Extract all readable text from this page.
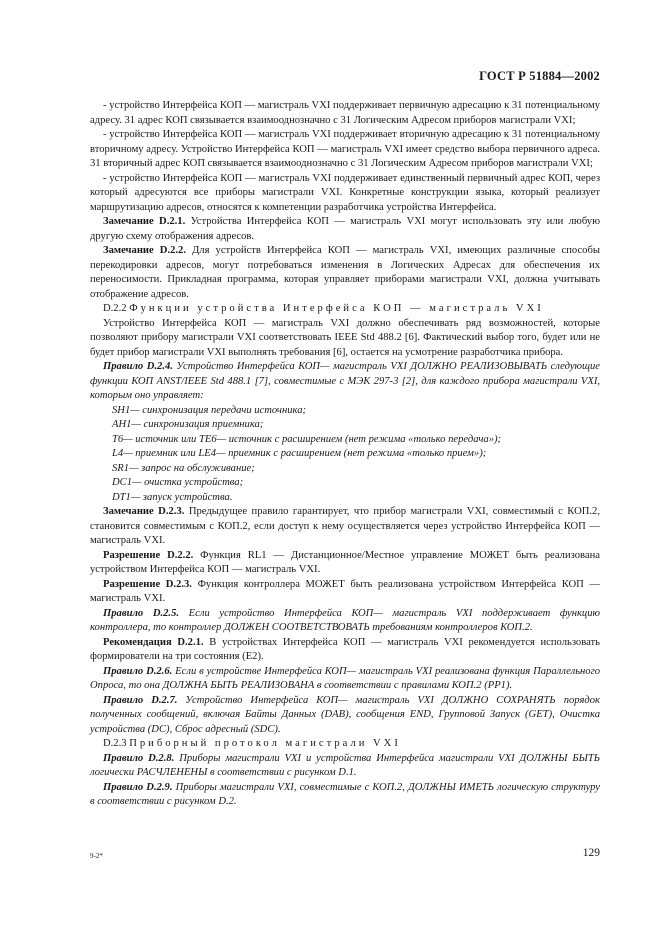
ГОСТ Р 51884—2002

- устройство Интерфейса КОП — магистраль VXI поддерживает первичную адресацию к 31 потенциальному адресу. 31 адрес КОП связывается взаимооднозначно с 31 Логическим Адресом приборов магистрали VXI;

- устройство Интерфейса КОП — магистраль VXI поддерживает вторичную адресацию к 31 потенциальному вторичному адресу. Устройство Интерфейса КОП — магистраль VXI имеет средство выбора первичного адреса. 31 вторичный адрес КОП связывается взаимооднозначно с 31 Логическим Адресом приборов магистрали VXI;

- устройство Интерфейса КОП — магистраль VXI поддерживает единственный первичный адрес КОП, через который адресуются все приборы магистрали VXI. Конкретные конструкции языка, который реализует маршрутизацию адресов, относятся к компетенции разработчика устройства Интерфейса.

Замечание D.2.1. Устройства Интерфейса КОП — магистраль VXI могут использовать эту или любую другую схему отображения адресов.

Замечание D.2.2. Для устройств Интерфейса КОП — магистраль VXI, имеющих различные способы перекодировки адресов, могут потребоваться изменения в Логических Адресах для обеспечения их переносимости. Прикладная программа, которая управляет приборами магистрали VXI, должна учитывать отображение адресов.

D.2.2 Функции устройства Интерфейса КОП — магистраль VXI

Устройство Интерфейса КОП — магистраль VXI должно обеспечивать ряд возможностей, которые позволяют прибору магистрали VXI соответствовать IEEE Std 488.2 [6]. Фактический выбор того, будет или не будет прибор магистрали VXI выполнять требования [6], остается на усмотрение разработчика прибора.

Правило D.2.4. Устройство Интерфейса КОП— магистраль VXI ДОЛЖНО РЕАЛИЗОВЫВАТЬ следующие функции КОП ANST/IEEE Std 488.1 [7], совместимые с МЭК 297-3 [2], для каждого прибора магистрали VXI, которым оно управляет:

SH1— синхронизация передачи источника;

AH1— синхронизация приемника;

T6— источник или TE6— источник с расширением (нет режима «только передача»);

L4— приемник или LE4— приемник с расширением (нет режима «только прием»);

SR1— запрос на обслуживание;

DC1— очистка устройства;

DT1— запуск устройства.

Замечание D.2.3. Предыдущее правило гарантирует, что прибор магистрали VXI, совместимый с КОП.2, становится совместимым с КОП.2, если доступ к нему осуществляется через устройство Интерфейса КОП — магистраль VXI.

Разрешение D.2.2. Функция RL1 — Дистанционное/Местное управление МОЖЕТ быть реализована устройством Интерфейса КОП — магистраль VXI.

Разрешение D.2.3. Функция контроллера МОЖЕТ быть реализована устройством Интерфейса КОП — магистраль VXI.

Правило D.2.5. Если устройство Интерфейса КОП— магистраль VXI поддерживает функцию контроллера, то контроллер ДОЛЖЕН СООТВЕТСТВОВАТЬ требованиям контроллеров КОП.2.

Рекомендация D.2.1. В устройствах Интерфейса КОП — магистраль VXI рекомендуется использовать формирователи на три состояния (E2).

Правило D.2.6. Если в устройстве Интерфейса КОП— магистраль VXI реализована функция Параллельного Опроса, то она ДОЛЖНА БЫТЬ РЕАЛИЗОВАНА в соответствии с правилами КОП.2 (PP1).

Правило D.2.7. Устройство Интерфейса КОП— магистраль VXI ДОЛЖНО СОХРАНЯТЬ порядок полученных сообщений, включая Байты Данных (DAB), сообщения END, Групповой Запуск (GET), Очистка устройства (DC), Сброс адресный (SDC).

D.2.3 Приборный протокол магистрали VXI

Правило D.2.8. Приборы магистрали VXI и устройства Интерфейса магистрали VXI ДОЛЖНЫ БЫТЬ логически РАСЧЛЕНЕНЫ в соответствии с рисунком D.1.

Правило D.2.9. Приборы магистрали VXI, совместимые с КОП.2, ДОЛЖНЫ ИМЕТЬ логическую структуру в соответствии с рисунком D.2.

9-2*	129
